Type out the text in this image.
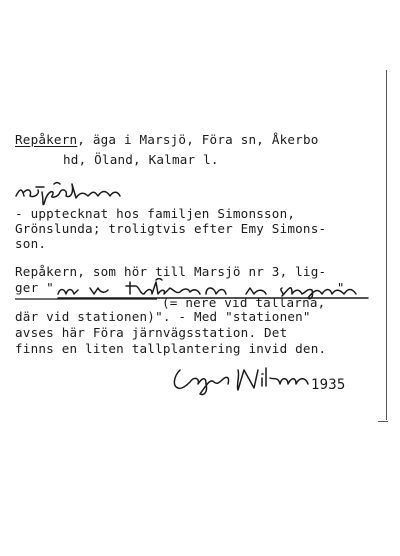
Repåkern, äga i Marsjö, Föra sn, Åkerbo
hd, Öland, Kalmar l.
- upptecknat hos familjen Simonsson,
Grönslunda; troligtvis efter Emy Simons-
son.
Repåkern, som hör till Marsjö nr 3, lig-
ger "	"
(= nere vid tallarna,
där vid stationen)". - Med "stationen"
avses här Föra järnvägsstation. Det
finns en liten tallplantering invid den.
1935
